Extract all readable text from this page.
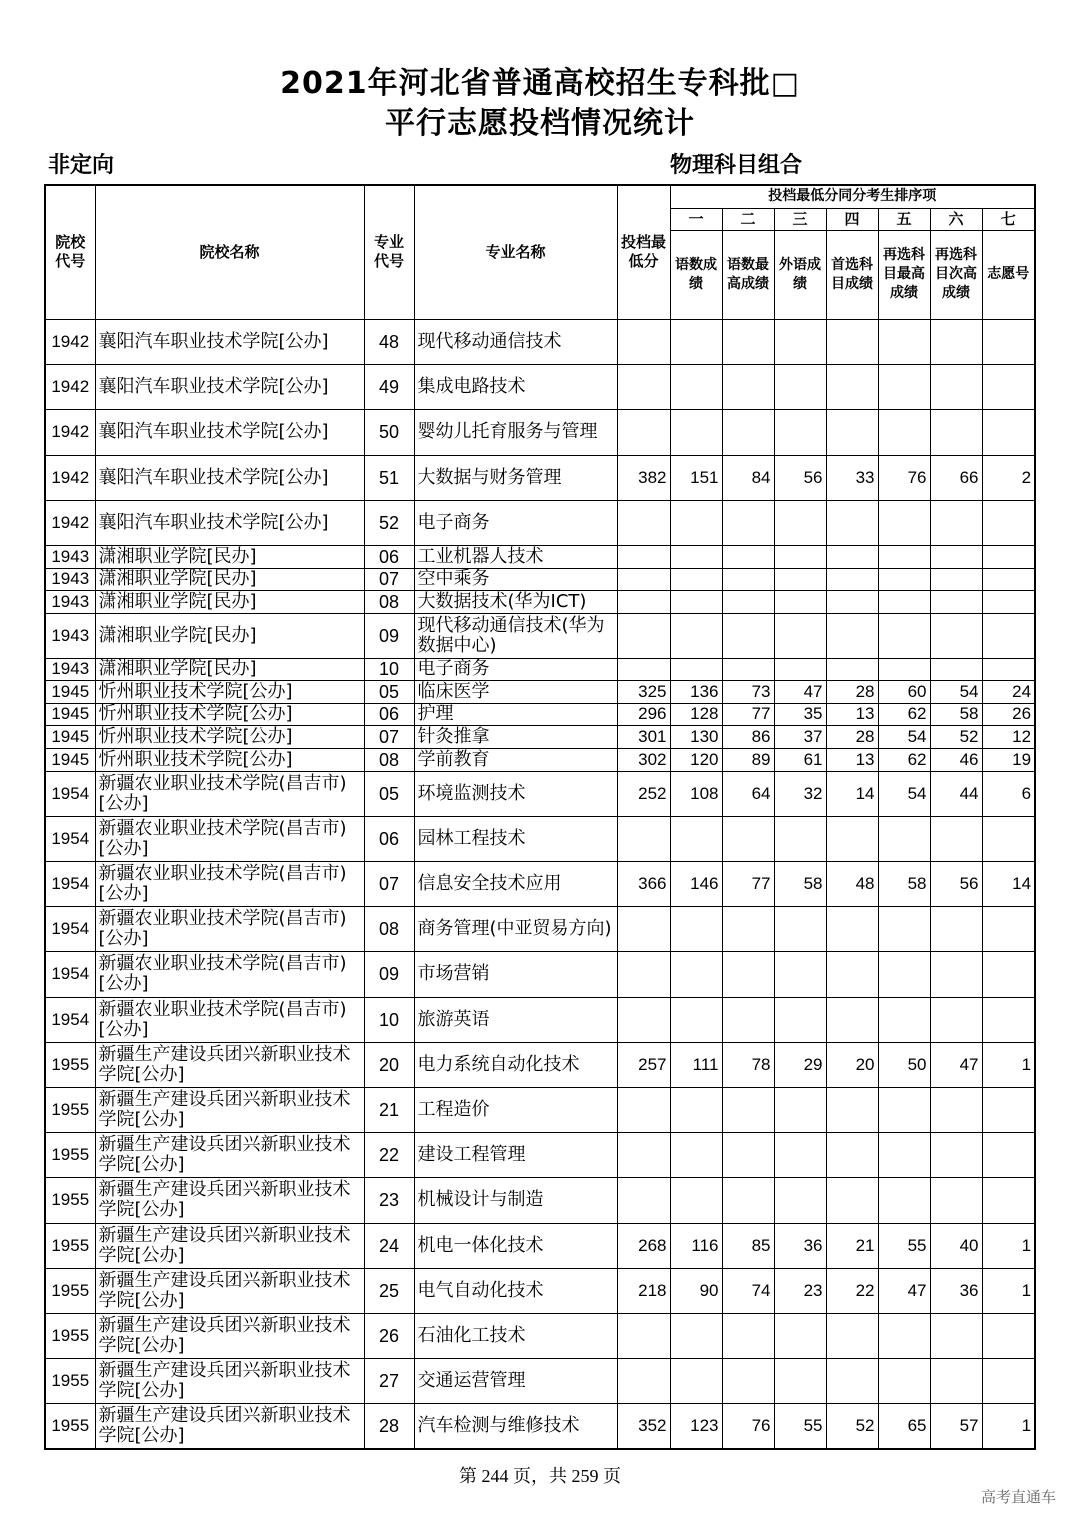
2021年河北省普通高校招生专科批□
平行志愿投档情况统计
非定向	物理科目组合
院校代号	院校名称	专业代号	专业名称	投档最低分	投档最低分同分考生排序项						
					一	二	三	四	五	六	七
					语数成绩	语数最高成绩	外语成绩	首选科目成绩	再选科目最高成绩	再选科目次高成绩	志愿号
1942	襄阳汽车职业技术学院[公办]	48	现代移动通信技术								
1942	襄阳汽车职业技术学院[公办]	49	集成电路技术								
1942	襄阳汽车职业技术学院[公办]	50	婴幼儿托育服务与管理								
1942	襄阳汽车职业技术学院[公办]	51	大数据与财务管理	382	151	84	56	33	76	66	2
1942	襄阳汽车职业技术学院[公办]	52	电子商务								
1943	潇湘职业学院[民办]	06	工业机器人技术								
1943	潇湘职业学院[民办]	07	空中乘务								
1943	潇湘职业学院[民办]	08	大数据技术(华为ICT)								
1943	潇湘职业学院[民办]	09	现代移动通信技术(华为数据中心)								
1943	潇湘职业学院[民办]	10	电子商务								
1945	忻州职业技术学院[公办]	05	临床医学	325	136	73	47	28	60	54	24
1945	忻州职业技术学院[公办]	06	护理	296	128	77	35	13	62	58	26
1945	忻州职业技术学院[公办]	07	针灸推拿	301	130	86	37	28	54	52	12
1945	忻州职业技术学院[公办]	08	学前教育	302	120	89	61	13	62	46	19
1954	新疆农业职业技术学院(昌吉市)[公办]	05	环境监测技术	252	108	64	32	14	54	44	6
1954	新疆农业职业技术学院(昌吉市)[公办]	06	园林工程技术								
1954	新疆农业职业技术学院(昌吉市)[公办]	07	信息安全技术应用	366	146	77	58	48	58	56	14
1954	新疆农业职业技术学院(昌吉市)[公办]	08	商务管理(中亚贸易方向)								
1954	新疆农业职业技术学院(昌吉市)[公办]	09	市场营销								
1954	新疆农业职业技术学院(昌吉市)[公办]	10	旅游英语								
1955	新疆生产建设兵团兴新职业技术学院[公办]	20	电力系统自动化技术	257	111	78	29	20	50	47	1
1955	新疆生产建设兵团兴新职业技术学院[公办]	21	工程造价								
1955	新疆生产建设兵团兴新职业技术学院[公办]	22	建设工程管理								
1955	新疆生产建设兵团兴新职业技术学院[公办]	23	机械设计与制造								
1955	新疆生产建设兵团兴新职业技术学院[公办]	24	机电一体化技术	268	116	85	36	21	55	40	1
1955	新疆生产建设兵团兴新职业技术学院[公办]	25	电气自动化技术	218	90	74	23	22	47	36	1
1955	新疆生产建设兵团兴新职业技术学院[公办]	26	石油化工技术								
1955	新疆生产建设兵团兴新职业技术学院[公办]	27	交通运营管理								
1955	新疆生产建设兵团兴新职业技术学院[公办]	28	汽车检测与维修技术	352	123	76	55	52	65	57	1
第 244 页，共 259 页
高考直通车
